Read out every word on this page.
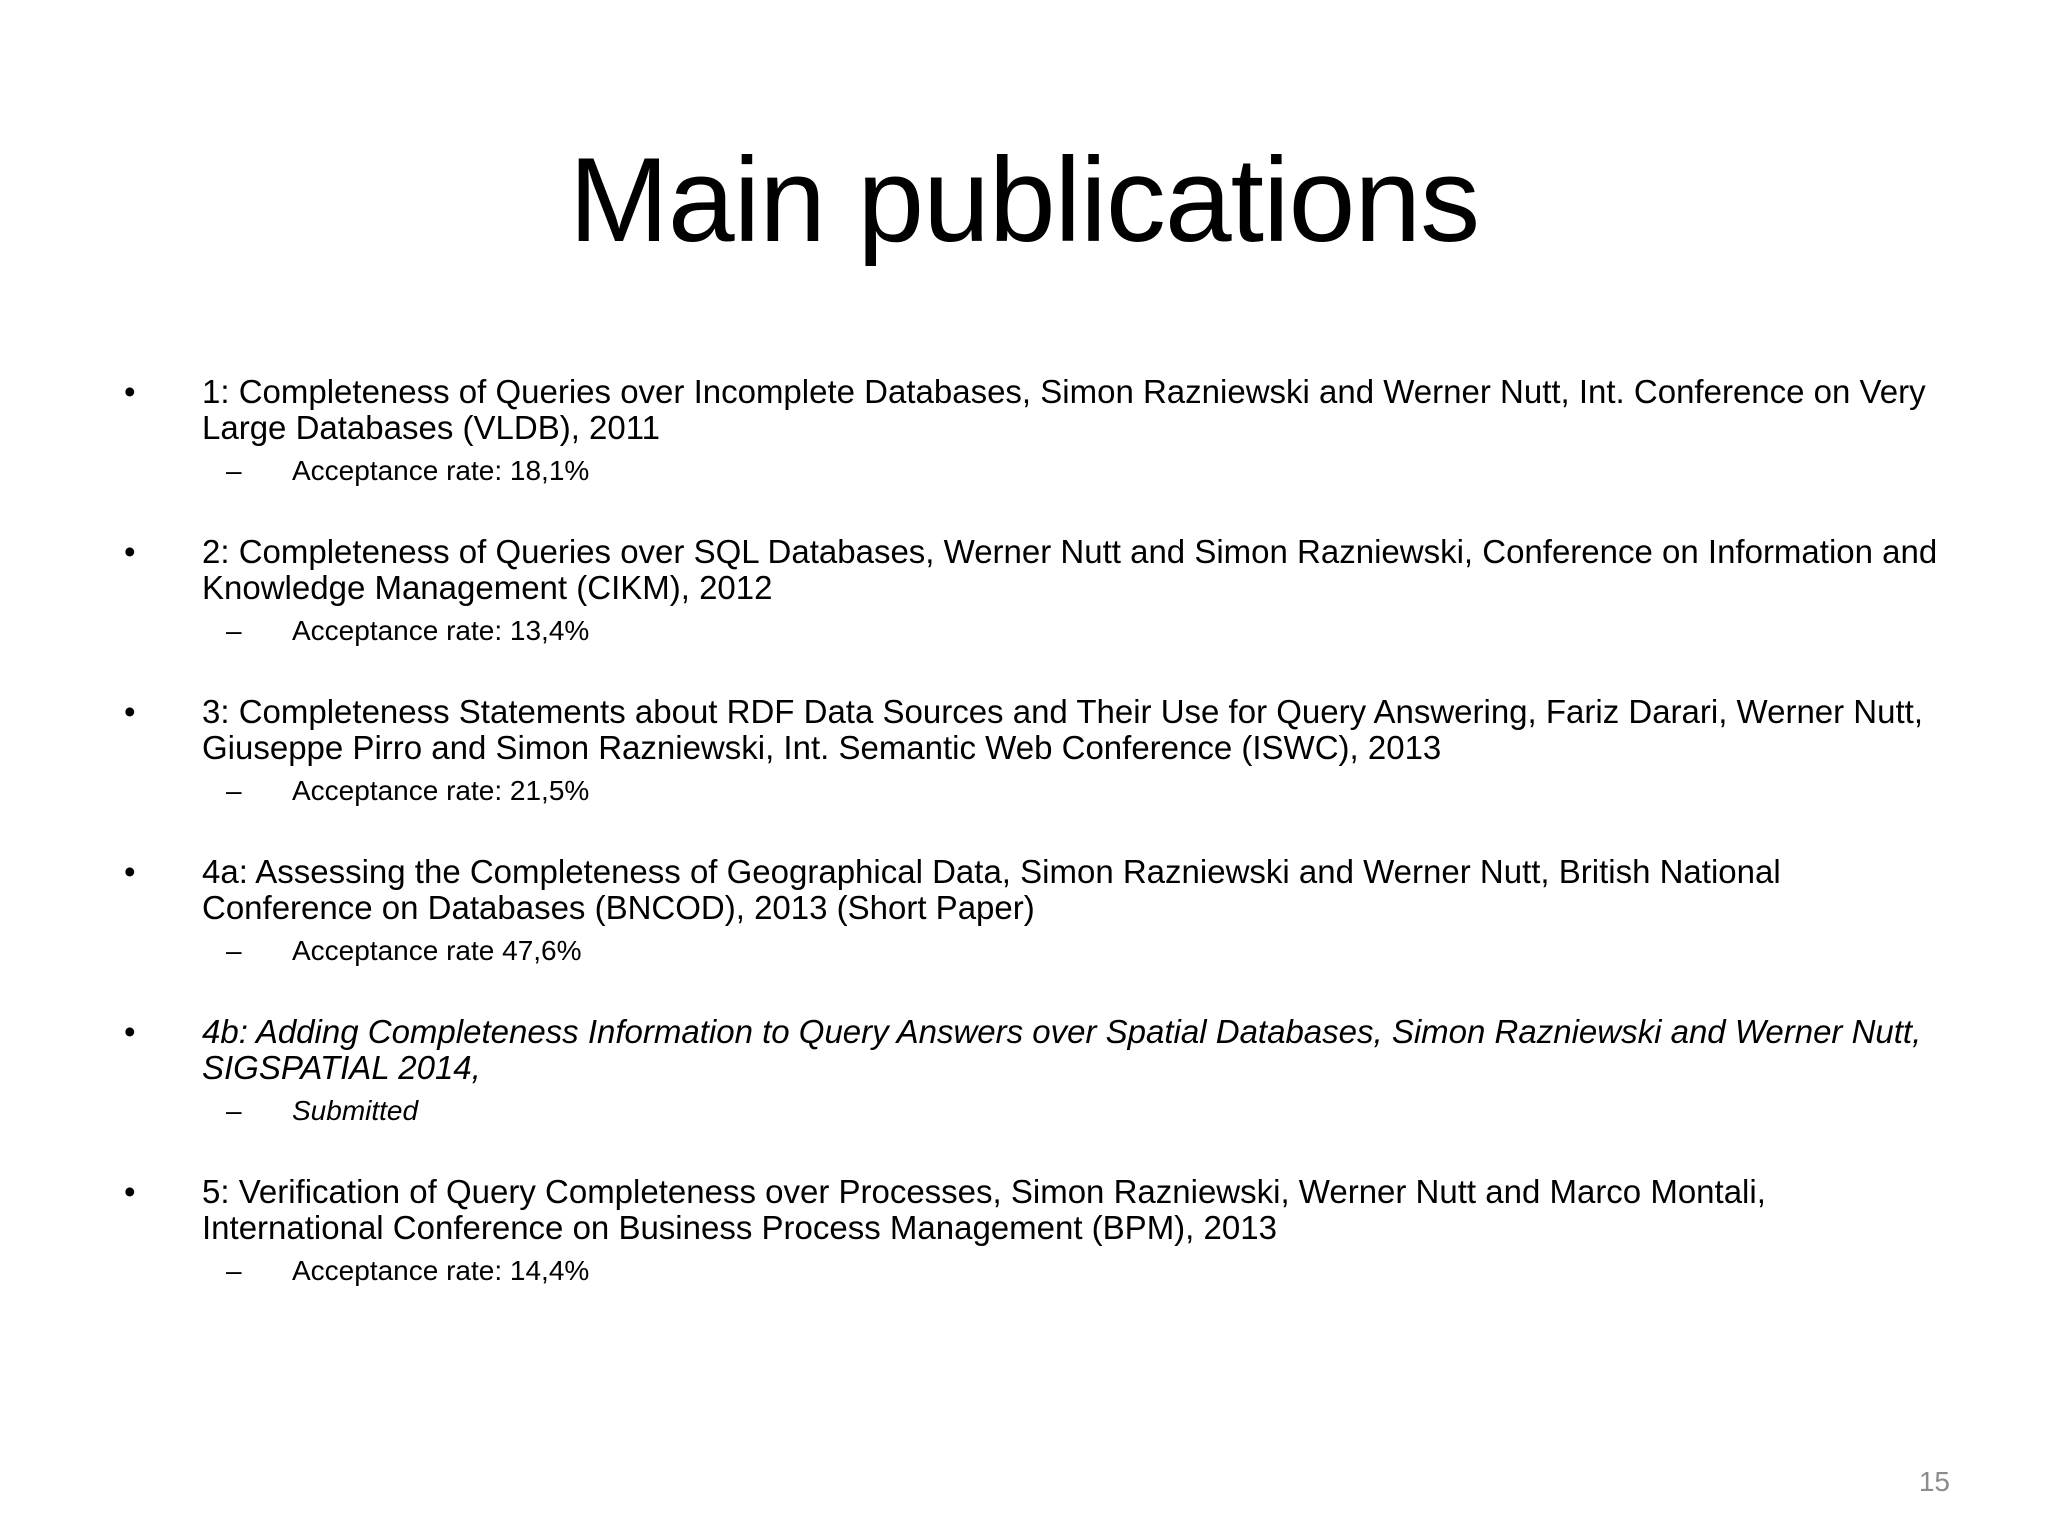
Main publications
• 1: Completeness of Queries over Incomplete Databases, Simon Razniewski and Werner Nutt, Int. Conference on Very Large Databases (VLDB), 2011
– Acceptance rate: 18,1%
• 2: Completeness of Queries over SQL Databases, Werner Nutt and Simon Razniewski, Conference on Information and Knowledge Management (CIKM), 2012
– Acceptance rate: 13,4%
• 3: Completeness Statements about RDF Data Sources and Their Use for Query Answering, Fariz Darari, Werner Nutt, Giuseppe Pirro and Simon Razniewski, Int. Semantic Web Conference (ISWC), 2013
– Acceptance rate: 21,5%
• 4a: Assessing the Completeness of Geographical Data, Simon Razniewski and Werner Nutt, British National Conference on Databases (BNCOD), 2013 (Short Paper)
– Acceptance rate 47,6%
• 4b: Adding Completeness Information to Query Answers over Spatial Databases, Simon Razniewski and Werner Nutt, SIGSPATIAL 2014,
– Submitted
• 5: Verification of Query Completeness over Processes, Simon Razniewski, Werner Nutt and Marco Montali, International Conference on Business Process Management (BPM), 2013
– Acceptance rate: 14,4%
15
